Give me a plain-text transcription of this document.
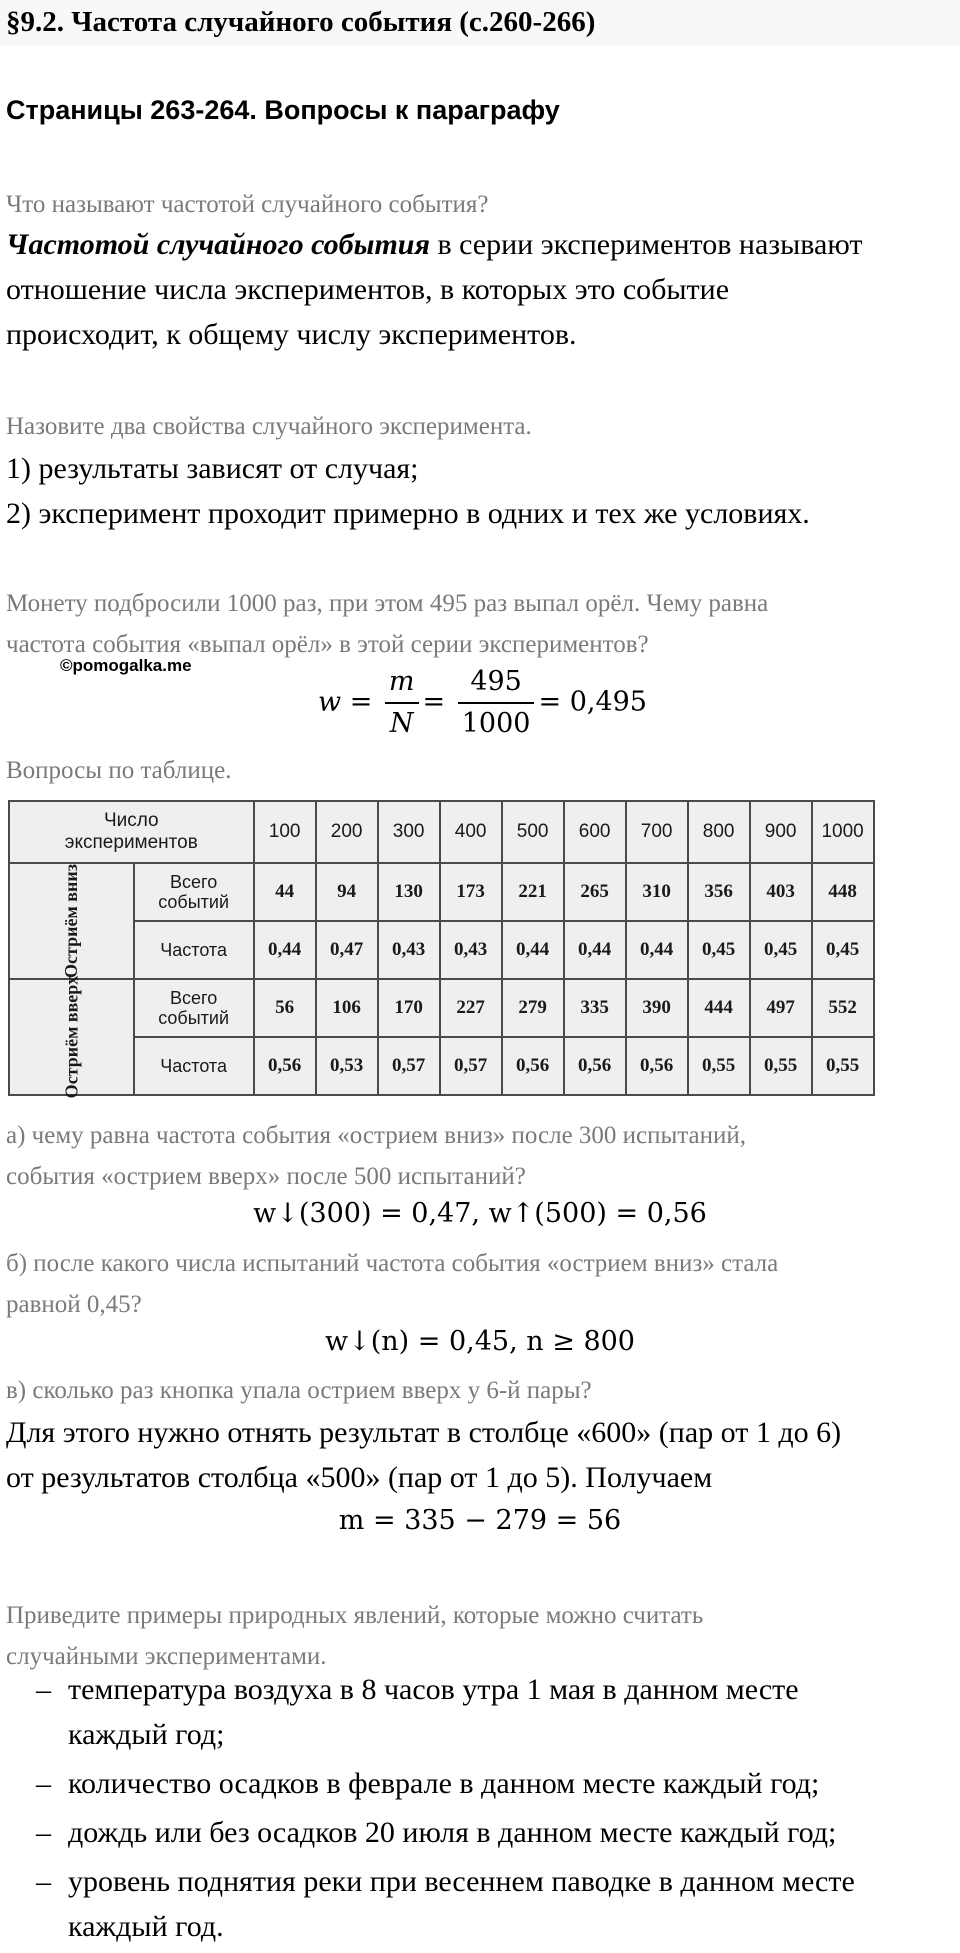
§9.2. Частота случайного события (с.260-266)
Страницы 263-264. Вопросы к параграфу

Что называют частотой случайного события?

Частотой случайного события в серии экспериментов называют
отношение числа экспериментов, в которых это событие
происходит, к общему числу экспериментов.

Назовите два свойства случайного эксперимента.

1) результаты зависят от случая;
2) эксперимент проходит примерно в одних и тех же условиях.
Монету подбросили 1000 раз, при этом 495 раз выпал орёл. Чему равна
частота события «выпал орёл» в этой серии экспериментов?
©pomogalka.me
$w = \frac{m}{N} = \frac{495}{1000} = 0,495$

Вопросы по таблице.

Число
экспериментов		100	200	300	400	500	600	700	800	900	1000
Остриём вниз	Всего событий	44	94	130	173	221	265	310	356	403	448
	Частота	0,44	0,47	0,43	0,43	0,44	0,44	0,44	0,45	0,45	0,45
Остриём вверх	Всего событий	56	106	170	227	279	335	390	444	497	552
	Частота	0,56	0,53	0,57	0,57	0,56	0,56	0,56	0,55	0,55	0,55
а) чему равна частота события «острием вниз» после 300 испытаний,
события «острием вверх» после 500 испытаний?
w↓(300) = 0,47, w↑(500) = 0,56
б) после какого числа испытаний частота события «острием вниз» стала
равной 0,45?
w↓(n) = 0,45, n ≥ 800

в) сколько раз кнопка упала острием вверх у 6-й пары?

Для этого нужно отнять результат в столбце «600» (пар от 1 до 6)
от результатов столбца «500» (пар от 1 до 5). Получаем
m = 335 − 279 = 56
Приведите примеры природных явлений, которые можно считать
случайными экспериментами.
– температура воздуха в 8 часов утра 1 мая в данном месте
каждый год;
– количество осадков в феврале в данном месте каждый год;
– дождь или без осадков 20 июля в данном месте каждый год;
– уровень поднятия реки при весеннем паводке в данном месте
каждый год.
